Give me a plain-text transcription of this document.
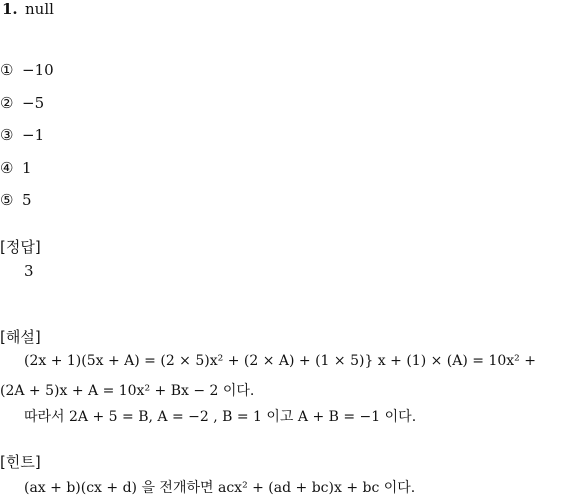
1. null
① −10
② −5
③ −1
④ 1
⑤ 5
[정답]
3
[해설]
(2x + 1)(5x + A) = (2 × 5)x² + (2 × A) + (1 × 5)} x + (1) × (A) = 10x² +
(2A + 5)x + A = 10x² + Bx − 2 이다.
따라서 2A + 5 = B, A = −2 , B = 1 이고 A + B = −1 이다.
[힌트]
(ax + b)(cx + d) 을 전개하면 acx² + (ad + bc)x + bc 이다.
